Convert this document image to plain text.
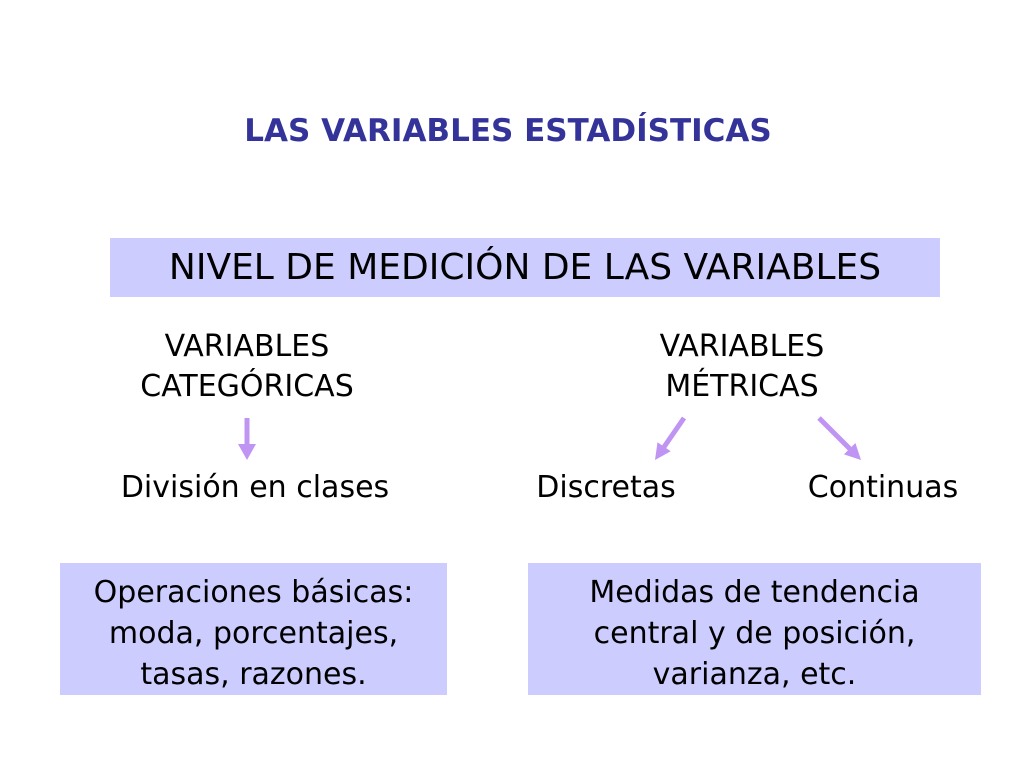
LAS VARIABLES ESTADÍSTICAS
NIVEL DE MEDICIÓN DE LAS VARIABLES
VARIABLES
CATEGÓRICAS
VARIABLES
MÉTRICAS
División en clases	Discretas	Continuas
Operaciones básicas:
moda, porcentajes,
tasas, razones.
Medidas de tendencia
central y de posición,
varianza, etc.
